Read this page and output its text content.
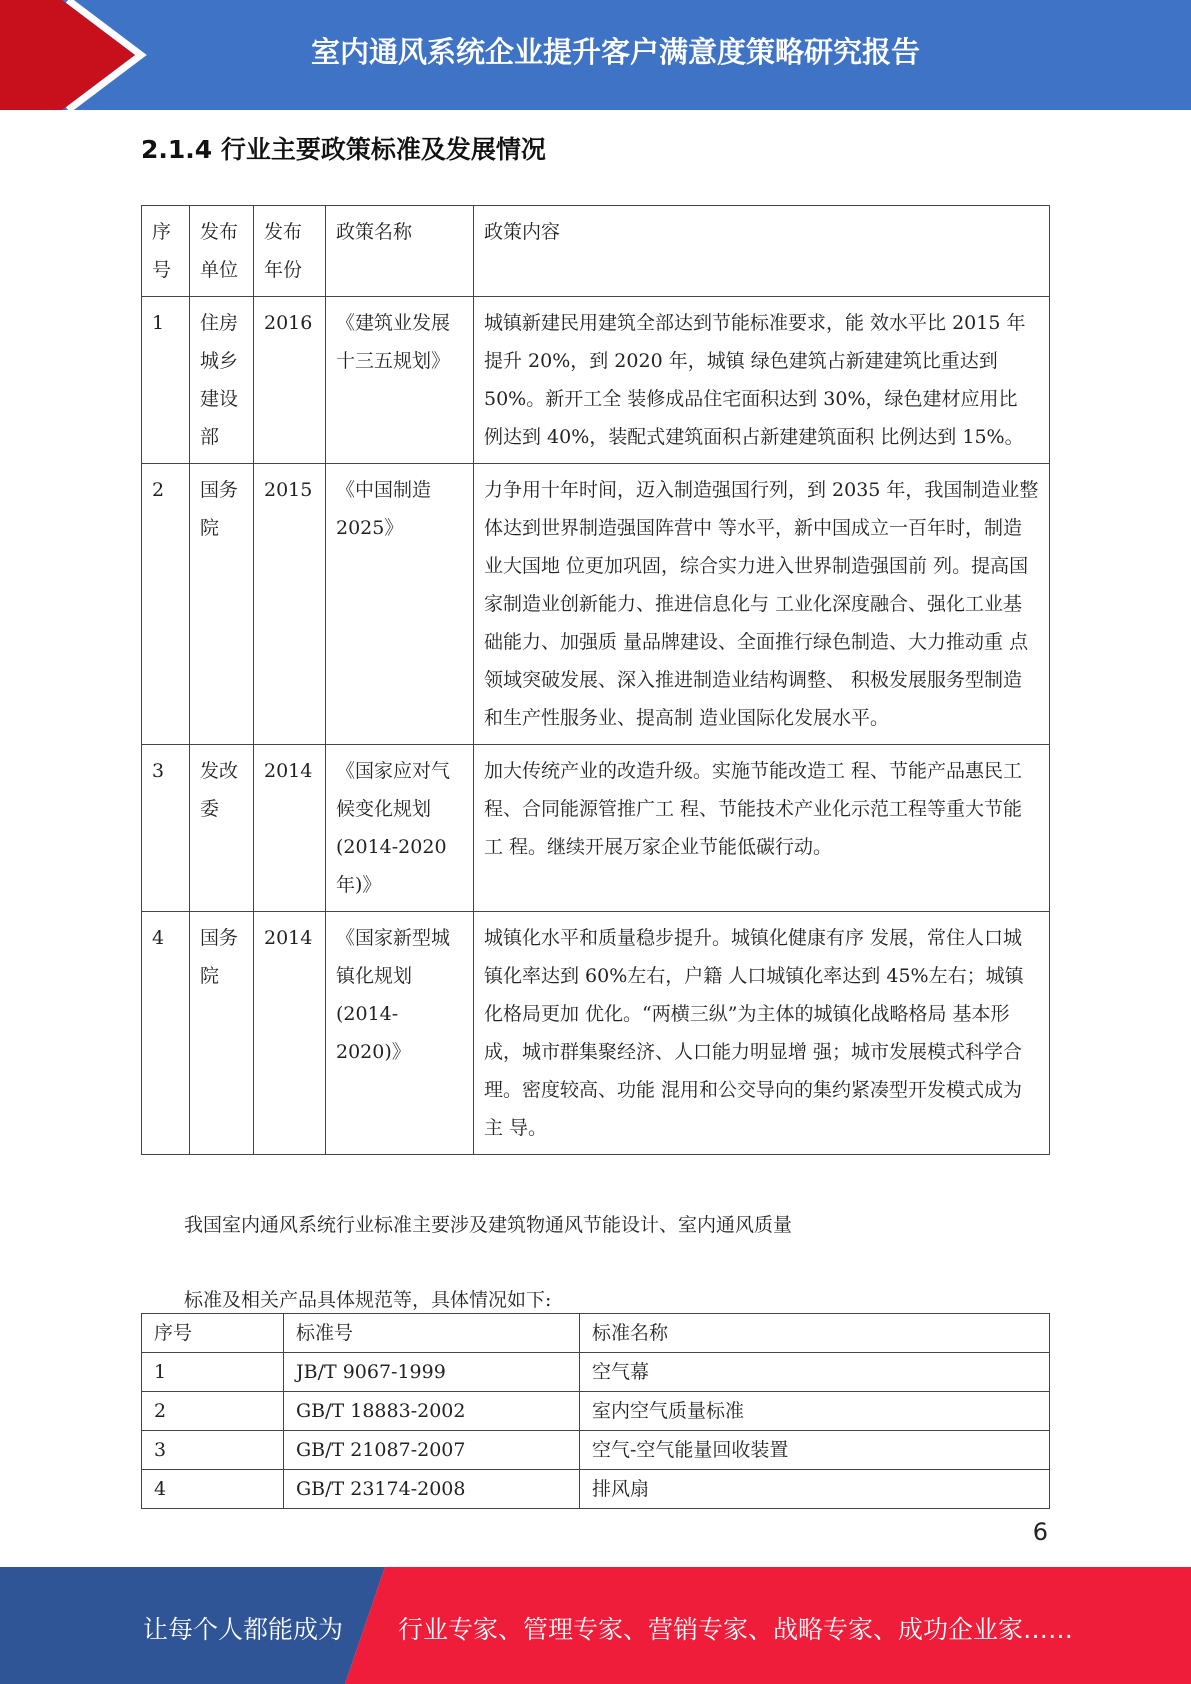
室内通风系统企业提升客户满意度策略研究报告
2.1.4 行业主要政策标准及发展情况
序号	发布单位	发布年份	政策名称	政策内容
1	住房城乡建设部	2016	《建筑业发展十三五规划》	城镇新建民用建筑全部达到节能标准要求，能 效水平比 2015 年提升 20%，到 2020 年，城镇 绿色建筑占新建建筑比重达到 50%。新开工全 装修成品住宅面积达到 30%，绿色建材应用比 例达到 40%，装配式建筑面积占新建建筑面积 比例达到 15%。
2	国务院	2015	《中国制造 2025》	力争用十年时间，迈入制造强国行列，到 2035 年，我国制造业整体达到世界制造强国阵营中 等水平，新中国成立一百年时，制造业大国地 位更加巩固，综合实力进入世界制造强国前 列。提高国家制造业创新能力、推进信息化与 工业化深度融合、强化工业基础能力、加强质 量品牌建设、全面推行绿色制造、大力推动重 点领域突破发展、深入推进制造业结构调整、 积极发展服务型制造和生产性服务业、提高制 造业国际化发展水平。
3	发改委	2014	《国家应对气候变化规划 (2014-2020 年)》	加大传统产业的改造升级。实施节能改造工 程、节能产品惠民工程、合同能源管推广工 程、节能技术产业化示范工程等重大节能工 程。继续开展万家企业节能低碳行动。
4	国务院	2014	《国家新型城镇化规划 (2014-2020)》	城镇化水平和质量稳步提升。城镇化健康有序 发展，常住人口城镇化率达到 60%左右，户籍 人口城镇化率达到 45%左右；城镇化格局更加 优化。“两横三纵”为主体的城镇化战略格局 基本形成，城市群集聚经济、人口能力明显增 强；城市发展模式科学合理。密度较高、功能 混用和公交导向的集约紧凑型开发模式成为主 导。

我国室内通风系统行业标准主要涉及建筑物通风节能设计、室内通风质量

标准及相关产品具体规范等，具体情况如下:

序号	标准号	标准名称
1	JB/T 9067-1999	空气幕
2	GB/T 18883-2002	室内空气质量标准
3	GB/T 21087-2007	空气-空气能量回收装置
4	GB/T 23174-2008	排风扇
6
让每个人都能成为 行业专家、管理专家、营销专家、战略专家、成功企业家……
